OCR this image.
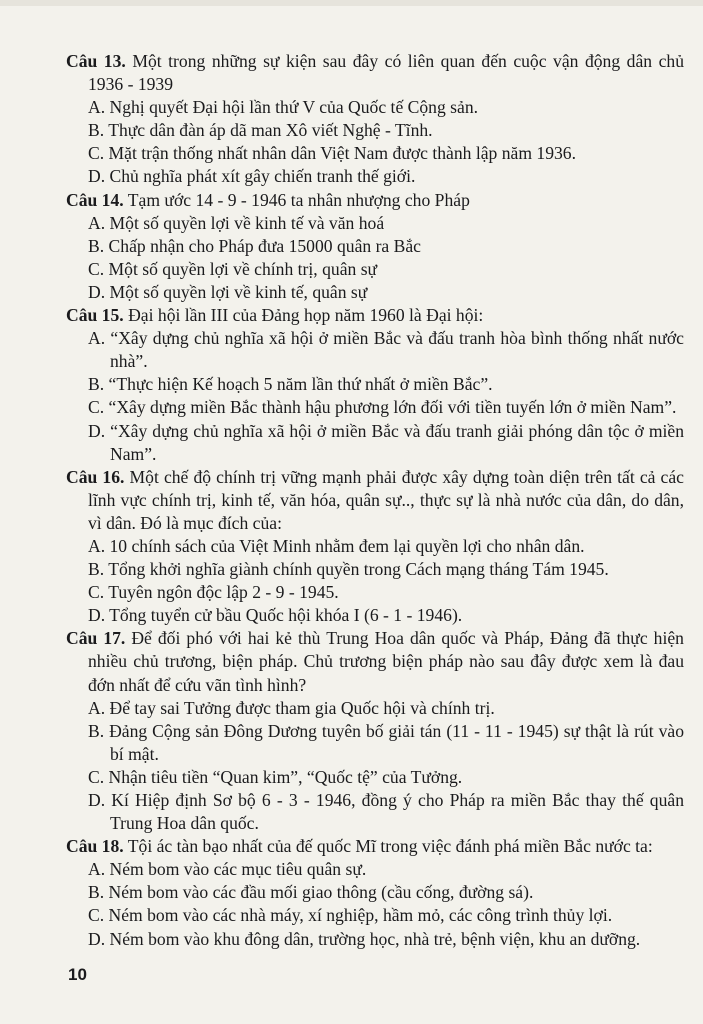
Câu 13. Một trong những sự kiện sau đây có liên quan đến cuộc vận động dân chủ 1936 - 1939

A. Nghị quyết Đại hội lần thứ V của Quốc tế Cộng sản.

B. Thực dân đàn áp dã man Xô viết Nghệ - Tĩnh.

C. Mặt trận thống nhất nhân dân Việt Nam được thành lập năm 1936.

D. Chủ nghĩa phát xít gây chiến tranh thế giới.

Câu 14. Tạm ước 14 - 9 - 1946 ta nhân nhượng cho Pháp

A. Một số quyền lợi về kinh tế và văn hoá

B. Chấp nhận cho Pháp đưa 15000 quân ra Bắc

C. Một số quyền lợi về chính trị, quân sự

D. Một số quyền lợi về kinh tế, quân sự

Câu 15. Đại hội lần III của Đảng họp năm 1960 là Đại hội:

A. “Xây dựng chủ nghĩa xã hội ở miền Bắc và đấu tranh hòa bình thống nhất nước nhà”.

B. “Thực hiện Kế hoạch 5 năm lần thứ nhất ở miền Bắc”.

C. “Xây dựng miền Bắc thành hậu phương lớn đối với tiền tuyến lớn ở miền Nam”.

D. “Xây dựng chủ nghĩa xã hội ở miền Bắc và đấu tranh giải phóng dân tộc ở miền Nam”.

Câu 16. Một chế độ chính trị vững mạnh phải được xây dựng toàn diện trên tất cả các lĩnh vực chính trị, kinh tế, văn hóa, quân sự.., thực sự là nhà nước của dân, do dân, vì dân. Đó là mục đích của:

A. 10 chính sách của Việt Minh nhằm đem lại quyền lợi cho nhân dân.

B. Tổng khởi nghĩa giành chính quyền trong Cách mạng tháng Tám 1945.

C. Tuyên ngôn độc lập 2 - 9 - 1945.

D. Tổng tuyển cử bầu Quốc hội khóa I (6 - 1 - 1946).

Câu 17. Để đối phó với hai kẻ thù Trung Hoa dân quốc và Pháp, Đảng đã thực hiện nhiều chủ trương, biện pháp. Chủ trương biện pháp nào sau đây được xem là đau đớn nhất để cứu vãn tình hình?

A. Để tay sai Tưởng được tham gia Quốc hội và chính trị.

B. Đảng Cộng sản Đông Dương tuyên bố giải tán (11 - 11 - 1945) sự thật là rút vào bí mật.

C. Nhận tiêu tiền “Quan kim”, “Quốc tệ” của Tưởng.

D. Kí Hiệp định Sơ bộ 6 - 3 - 1946, đồng ý cho Pháp ra miền Bắc thay thế quân Trung Hoa dân quốc.

Câu 18. Tội ác tàn bạo nhất của đế quốc Mĩ trong việc đánh phá miền Bắc nước ta:

A. Ném bom vào các mục tiêu quân sự.

B. Ném bom vào các đầu mối giao thông (cầu cống, đường sá).

C. Ném bom vào các nhà máy, xí nghiệp, hầm mỏ, các công trình thủy lợi.

D. Ném bom vào khu đông dân, trường học, nhà trẻ, bệnh viện, khu an dưỡng.

10
